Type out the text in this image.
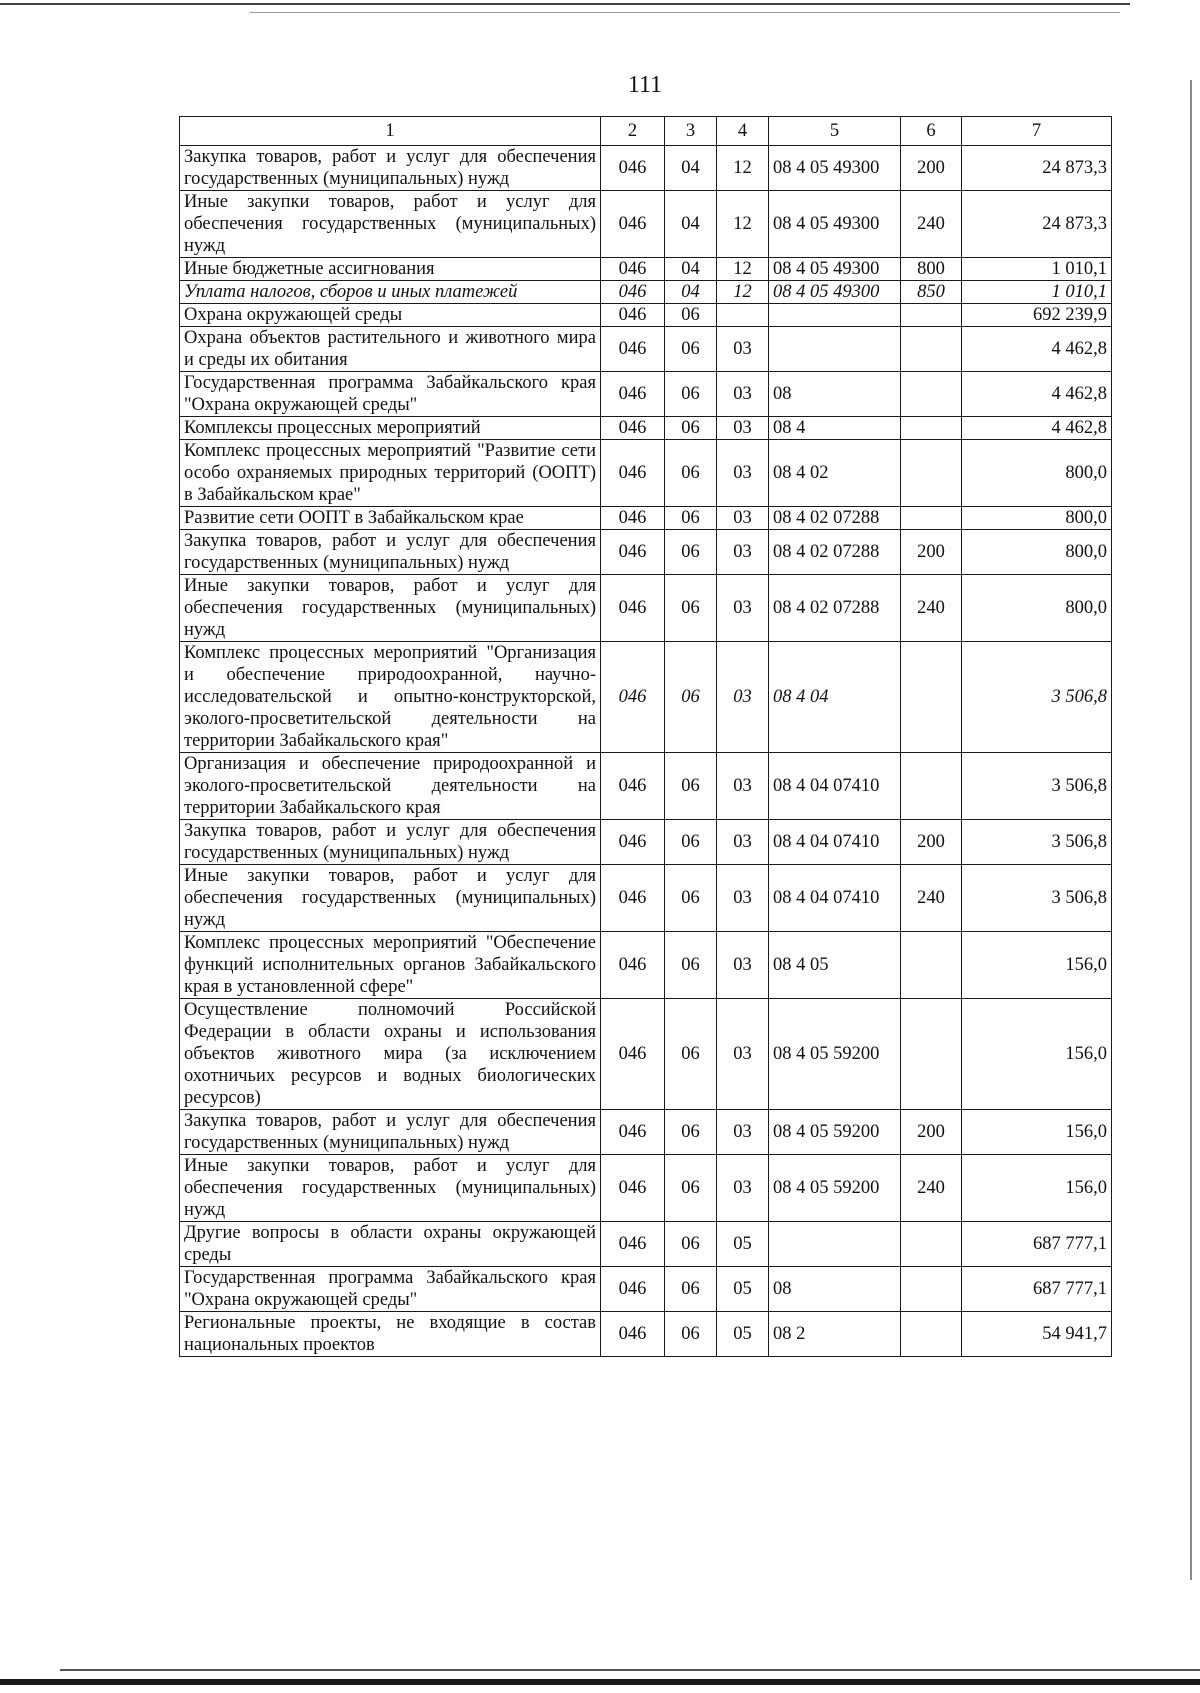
111
1	2	3	4	5	6	7
Закупка товаров, работ и услуг для обеспечения государственных (муниципальных) нужд	046	04	12	08 4 05 49300	200	24 873,3
Иные закупки товаров, работ и услуг для обеспечения государственных (муниципальных) нужд	046	04	12	08 4 05 49300	240	24 873,3
Иные бюджетные ассигнования	046	04	12	08 4 05 49300	800	1 010,1
Уплата налогов, сборов и иных платежей	046	04	12	08 4 05 49300	850	1 010,1
Охрана окружающей среды	046	06				692 239,9
Охрана объектов растительного и животного мира и среды их обитания	046	06	03			4 462,8
Государственная программа Забайкальского края "Охрана окружающей среды"	046	06	03	08		4 462,8
Комплексы процессных мероприятий	046	06	03	08 4		4 462,8
Комплекс процессных мероприятий "Развитие сети особо охраняемых природных территорий (ООПТ) в Забайкальском крае"	046	06	03	08 4 02		800,0
Развитие сети ООПТ в Забайкальском крае	046	06	03	08 4 02 07288		800,0
Закупка товаров, работ и услуг для обеспечения государственных (муниципальных) нужд	046	06	03	08 4 02 07288	200	800,0
Иные закупки товаров, работ и услуг для обеспечения государственных (муниципальных) нужд	046	06	03	08 4 02 07288	240	800,0
Комплекс процессных мероприятий "Организация и обеспечение природоохранной, научно-исследовательской и опытно-конструкторской, эколого-просветительской деятельности на территории Забайкальского края"	046	06	03	08 4 04		3 506,8
Организация и обеспечение природоохранной и эколого-просветительской деятельности на территории Забайкальского края	046	06	03	08 4 04 07410		3 506,8
Закупка товаров, работ и услуг для обеспечения государственных (муниципальных) нужд	046	06	03	08 4 04 07410	200	3 506,8
Иные закупки товаров, работ и услуг для обеспечения государственных (муниципальных) нужд	046	06	03	08 4 04 07410	240	3 506,8
Комплекс процессных мероприятий "Обеспечение функций исполнительных органов Забайкальского края в установленной сфере"	046	06	03	08 4 05		156,0
Осуществление полномочий Российской Федерации в области охраны и использования объектов животного мира (за исключением охотничьих ресурсов и водных биологических ресурсов)	046	06	03	08 4 05 59200		156,0
Закупка товаров, работ и услуг для обеспечения государственных (муниципальных) нужд	046	06	03	08 4 05 59200	200	156,0
Иные закупки товаров, работ и услуг для обеспечения государственных (муниципальных) нужд	046	06	03	08 4 05 59200	240	156,0
Другие вопросы в области охраны окружающей среды	046	06	05			687 777,1
Государственная программа Забайкальского края "Охрана окружающей среды"	046	06	05	08		687 777,1
Региональные проекты, не входящие в состав национальных проектов	046	06	05	08 2		54 941,7
